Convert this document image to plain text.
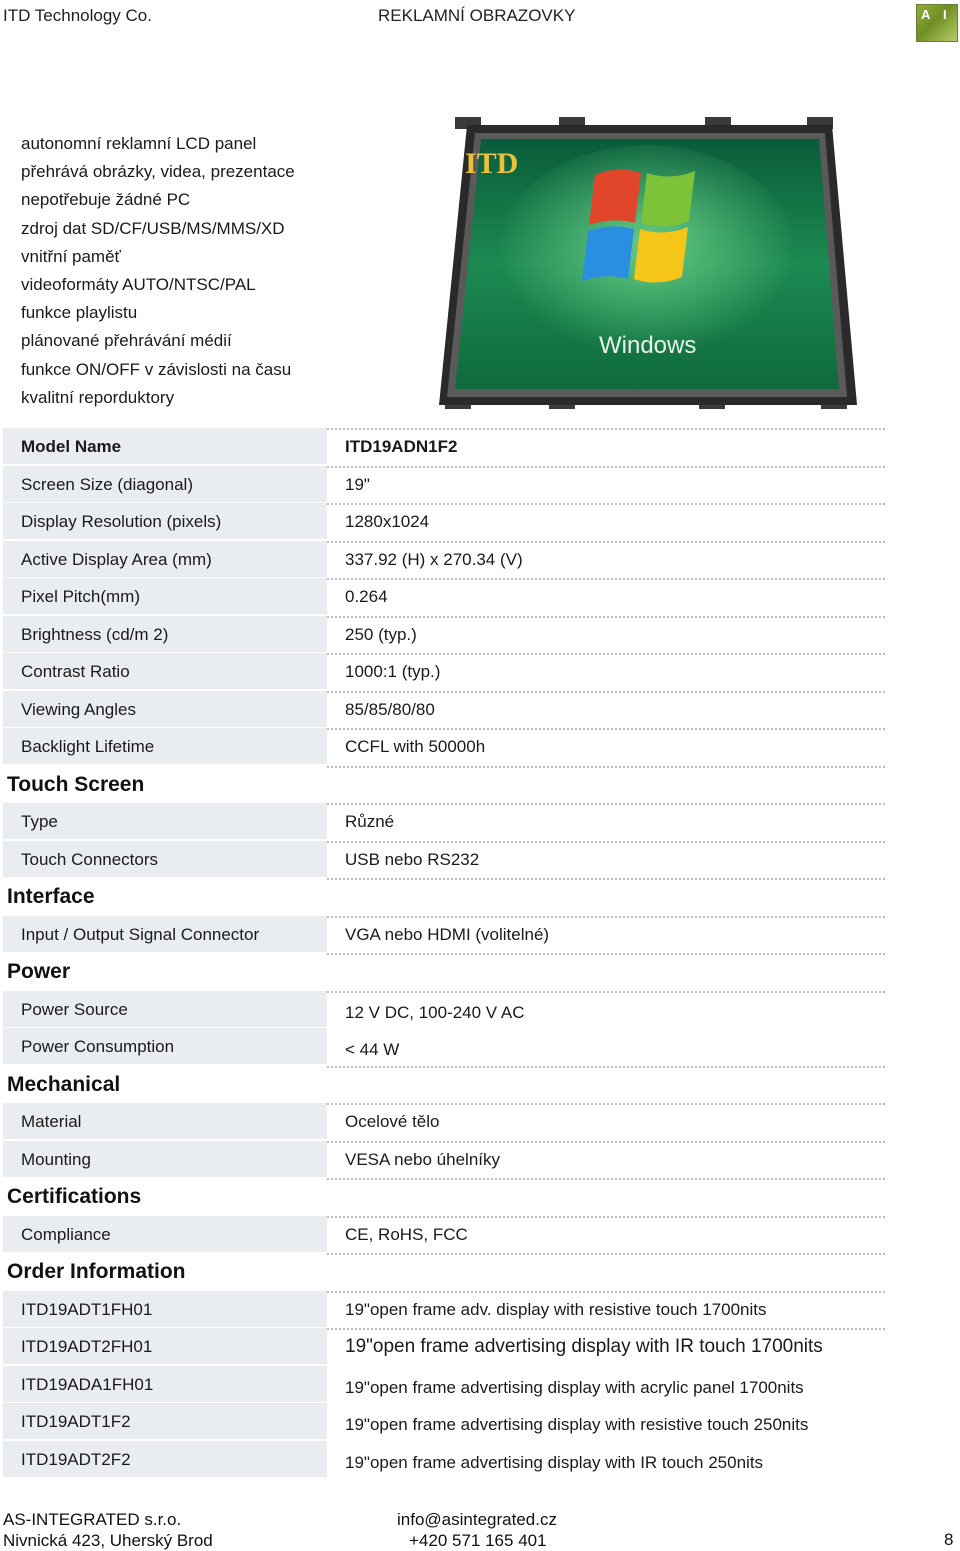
ITD Technology Co.	REKLAMNÍ OBRAZOVKY	A I
autonomní reklamní LCD panel
přehrává obrázky, videa, prezentace
nepotřebuje žádné PC
zdroj dat SD/CF/USB/MS/MMS/XD
vnitřní paměť
videoformáty AUTO/NTSC/PAL
funkce playlistu
plánované přehrávání médií
funkce ON/OFF v závislosti na času
kvalitní reporduktory
ITD
Windows
Model Name	ITD19ADN1F2
Screen Size (diagonal)	19"
Display Resolution (pixels)	1280x1024
Active Display Area (mm)	337.92 (H) x 270.34 (V)
Pixel Pitch(mm)	0.264
Brightness (cd/m 2)	250 (typ.)
Contrast Ratio	1000:1 (typ.)
Viewing Angles	85/85/80/80
Backlight Lifetime	CCFL with 50000h
Touch Screen
Type	Různé
Touch Connectors	USB nebo RS232
Interface
Input / Output Signal Connector	VGA nebo HDMI (volitelné)
Power
Power Source	12 V DC, 100-240 V AC
Power Consumption	< 44 W
Mechanical
Material	Ocelové tělo
Mounting	VESA nebo úhelníky
Certifications
Compliance	CE, RoHS, FCC
Order Information
ITD19ADT1FH01	19"open frame adv. display with resistive touch 1700nits
ITD19ADT2FH01	19"open frame advertising display with IR touch 1700nits
ITD19ADA1FH01	19"open frame advertising display with acrylic panel 1700nits
ITD19ADT1F2	19"open frame advertising display with resistive touch 250nits
ITD19ADT2F2	19"open frame advertising display with IR touch 250nits
AS-INTEGRATED s.r.o.
Nivnická 423, Uherský Brod
info@asintegrated.cz
+420 571 165 401	8
